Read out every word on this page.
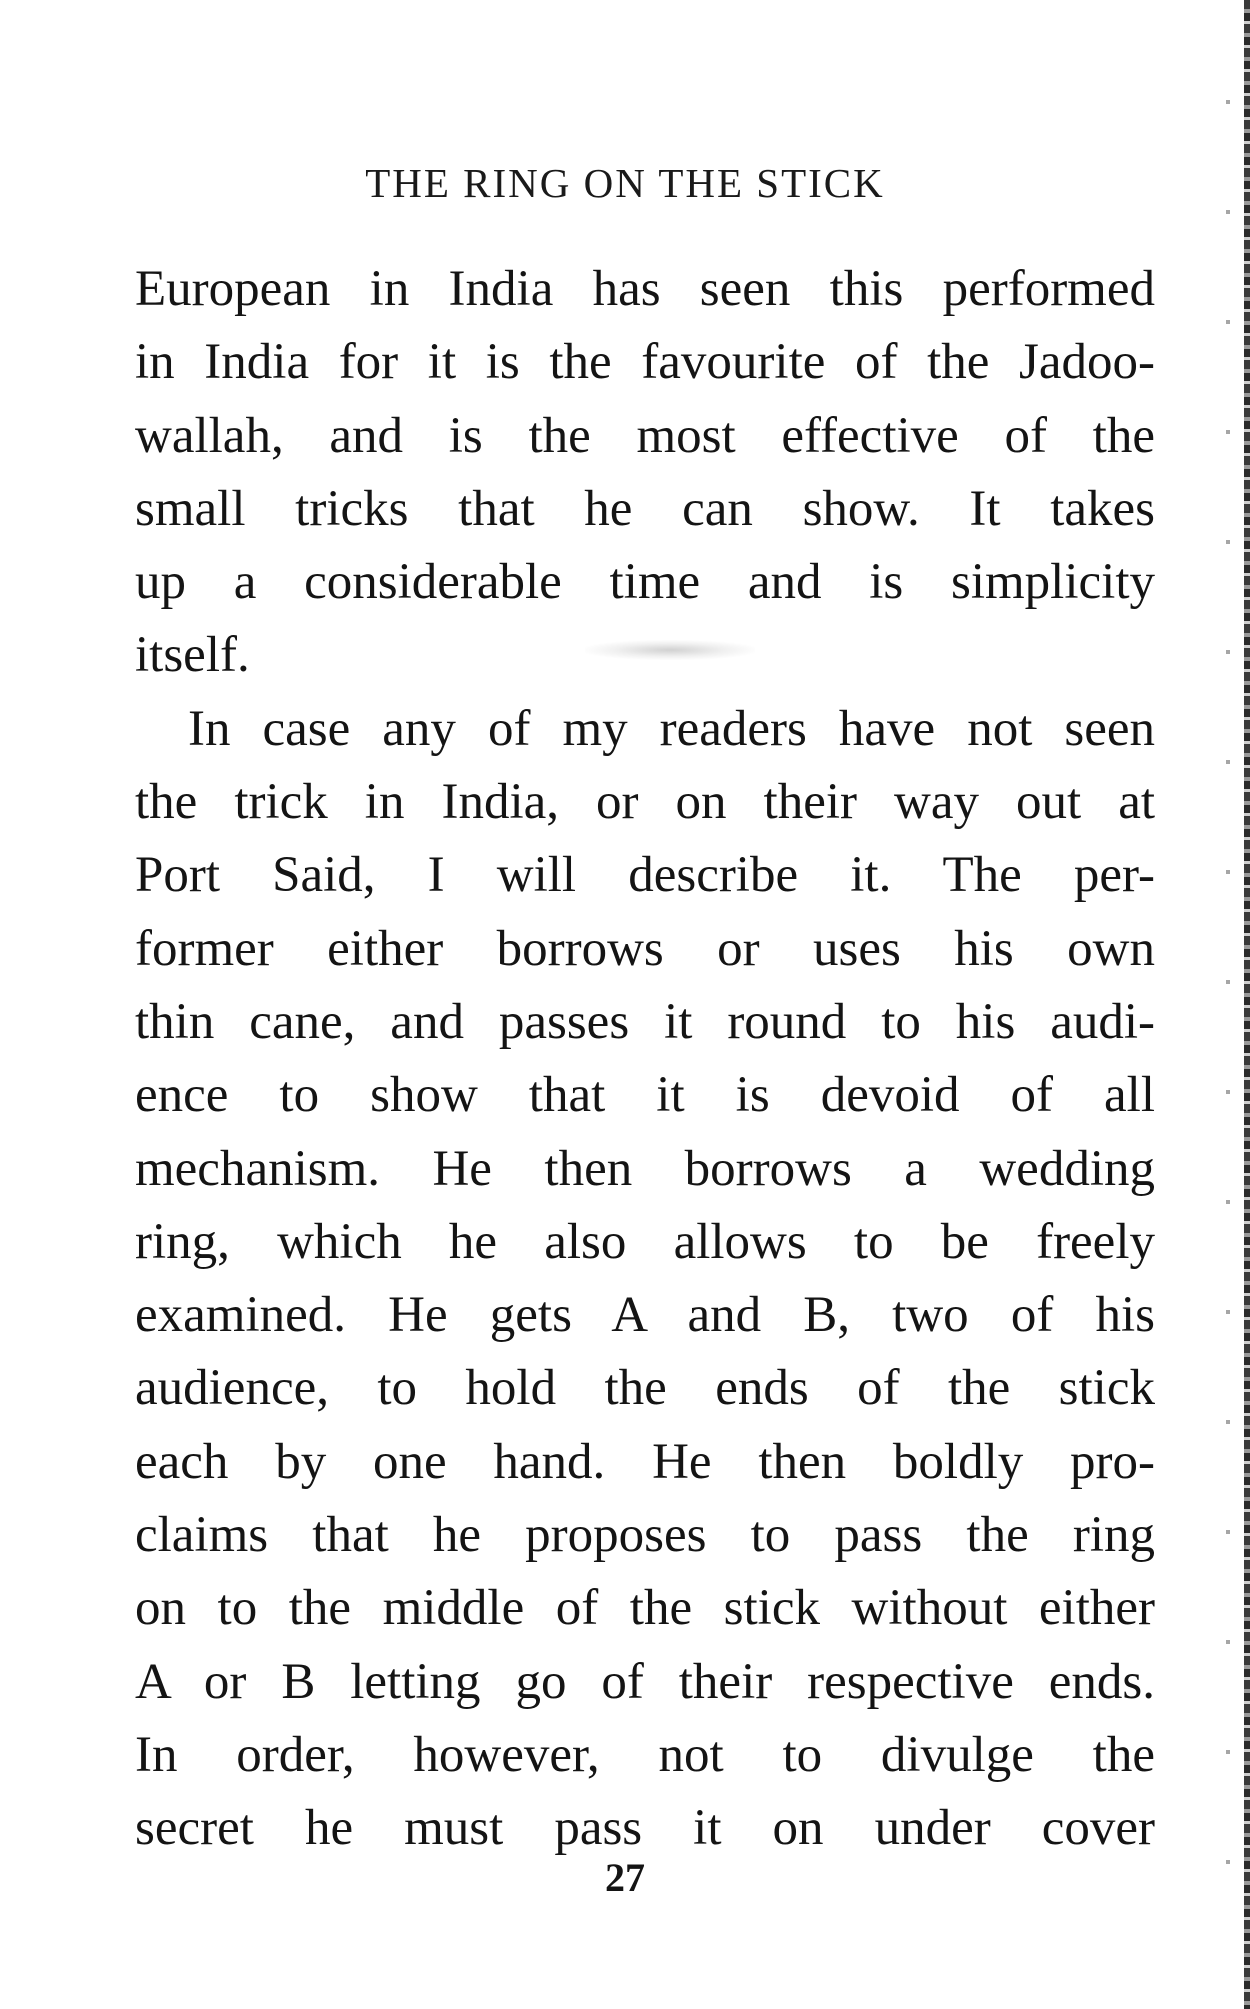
THE RING ON THE STICK
European in India has seen this performed
in India for it is the favourite of the Jadoo-
wallah, and is the most effective of the
small tricks that he can show. It takes
up a considerable time and is simplicity
itself.
In case any of my readers have not seen
the trick in India, or on their way out at
Port Said, I will describe it. The per-
former either borrows or uses his own
thin cane, and passes it round to his audi-
ence to show that it is devoid of all
mechanism. He then borrows a wedding
ring, which he also allows to be freely
examined. He gets A and B, two of his
audience, to hold the ends of the stick
each by one hand. He then boldly pro-
claims that he proposes to pass the ring
on to the middle of the stick without either
A or B letting go of their respective ends.
In order, however, not to divulge the
secret he must pass it on under cover
27
